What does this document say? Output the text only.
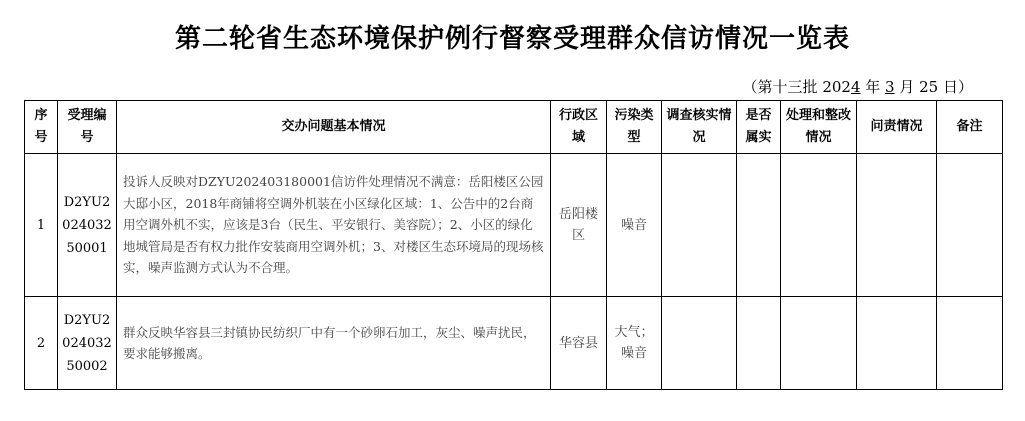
第二轮省生态环境保护例行督察受理群众信访情况一览表
（第十三批 2024 年 3 月 25 日）
序号	受理编号	交办问题基本情况	行政区域	污染类型	调查核实情况	是否属实	处理和整改情况	问责情况	备注
1	D2YU202403250001	投诉人反映对DZYU202403180001信访件处理情况不满意：岳阳楼区公园大邸小区，2018年商铺将空调外机装在小区绿化区域：1、公告中的2台商用空调外机不实，应该是3台（民生、平安银行、美容院）；2、小区的绿化地城管局是否有权力批作安装商用空调外机；3、对楼区生态环境局的现场核实，噪声监测方式认为不合理。	岳阳楼区	噪音					
2	D2YU202403250002	群众反映华容县三封镇协民纺织厂中有一个砂卵石加工，灰尘、噪声扰民，要求能够搬离。	华容县	大气；噪音					
